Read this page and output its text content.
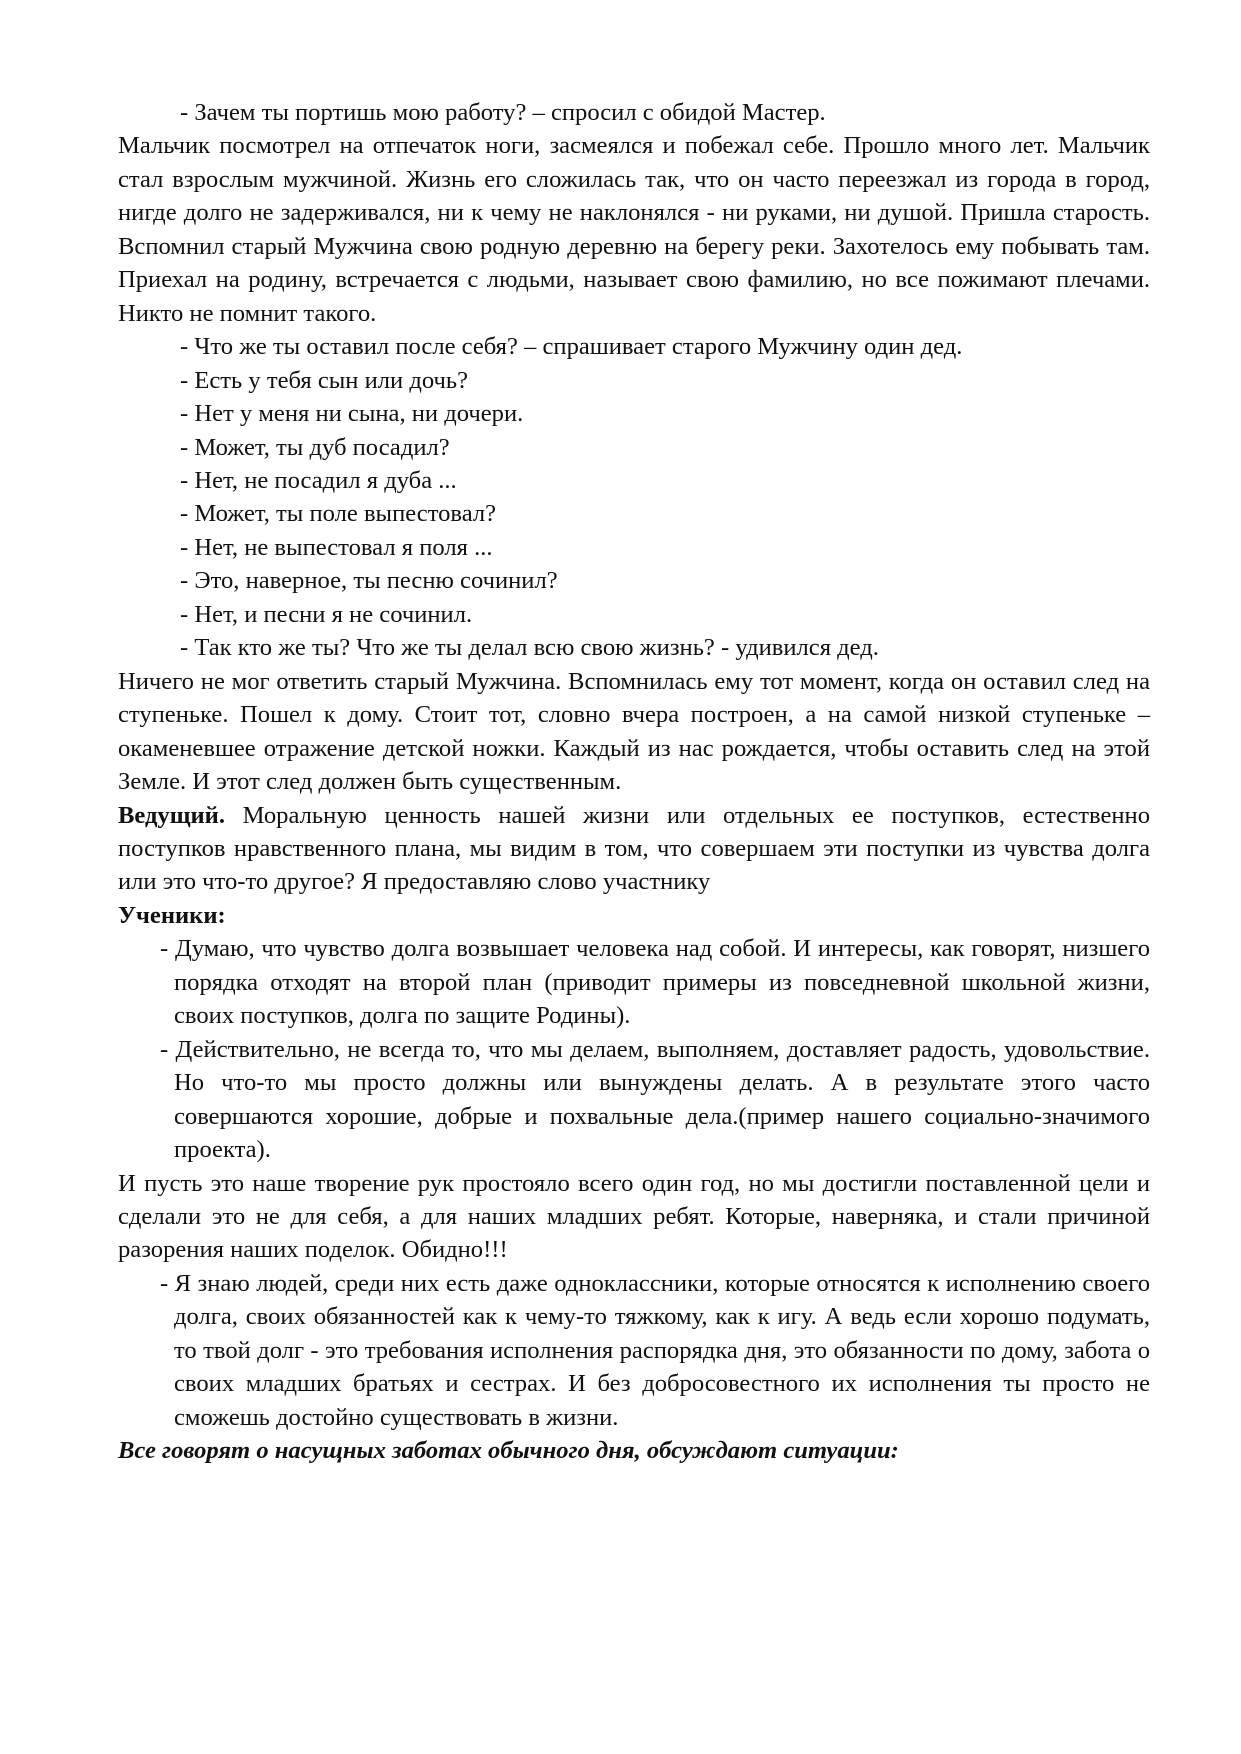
- Зачем ты портишь мою работу? – спросил с обидой Мастер.

Мальчик посмотрел на отпечаток ноги, засмеялся и побежал себе. Прошло много лет. Мальчик стал взрослым мужчиной. Жизнь его сложилась так, что он часто переезжал из города в город, нигде долго не задерживался, ни к чему не наклонялся - ни руками, ни душой. Пришла старость. Вспомнил старый Мужчина свою родную деревню на берегу реки. Захотелось ему побывать там. Приехал на родину, встречается с людьми, называет свою фамилию, но все пожимают плечами. Никто не помнит такого.

- Что же ты оставил после себя? – спрашивает старого Мужчину один дед.

- Есть у тебя сын или дочь?

- Нет у меня ни сына, ни дочери.

- Может, ты дуб посадил?

- Нет, не посадил я дуба ...

- Может, ты поле выпестовал?

- Нет, не выпестовал я поля ...

- Это, наверное, ты песню сочинил?

- Нет, и песни я не сочинил.

- Так кто же ты? Что же ты делал всю свою жизнь? - удивился дед.

Ничего не мог ответить старый Мужчина. Вспомнилась ему тот момент, когда он оставил след на ступеньке. Пошел к дому. Стоит тот, словно вчера построен, а на самой низкой ступеньке – окаменевшее отражение детской ножки. Каждый из нас рождается, чтобы оставить след на этой Земле. И этот след должен быть существенным.

Ведущий. Моральную ценность нашей жизни или отдельных ее поступков, естественно поступков нравственного плана, мы видим в том, что совершаем эти поступки из чувства долга или это что-то другое? Я предоставляю слово участнику

Ученики:

- Думаю, что чувство долга возвышает человека над собой. И интересы, как говорят, низшего порядка отходят на второй план (приводит примеры из повседневной школьной жизни, своих поступков, долга по защите Родины).

- Действительно, не всегда то, что мы делаем, выполняем, доставляет радость, удовольствие. Но что-то мы просто должны или вынуждены делать. А в результате этого часто совершаются хорошие, добрые и похвальные дела.(пример нашего социально-значимого проекта).

И пусть это наше творение рук простояло всего один год, но мы достигли поставленной цели и сделали это не для себя, а для наших младших ребят. Которые, наверняка, и стали причиной разорения наших поделок. Обидно!!!

- Я знаю людей, среди них есть даже одноклассники, которые относятся к исполнению своего долга, своих обязанностей как к чему-то тяжкому, как к игу. А ведь если хорошо подумать, то твой долг - это требования исполнения распорядка дня, это обязанности по дому, забота о своих младших братьях и сестрах. И без добросовестного их исполнения ты просто не сможешь достойно существовать в жизни.

Все говорят о насущных заботах обычного дня, обсуждают ситуации:
